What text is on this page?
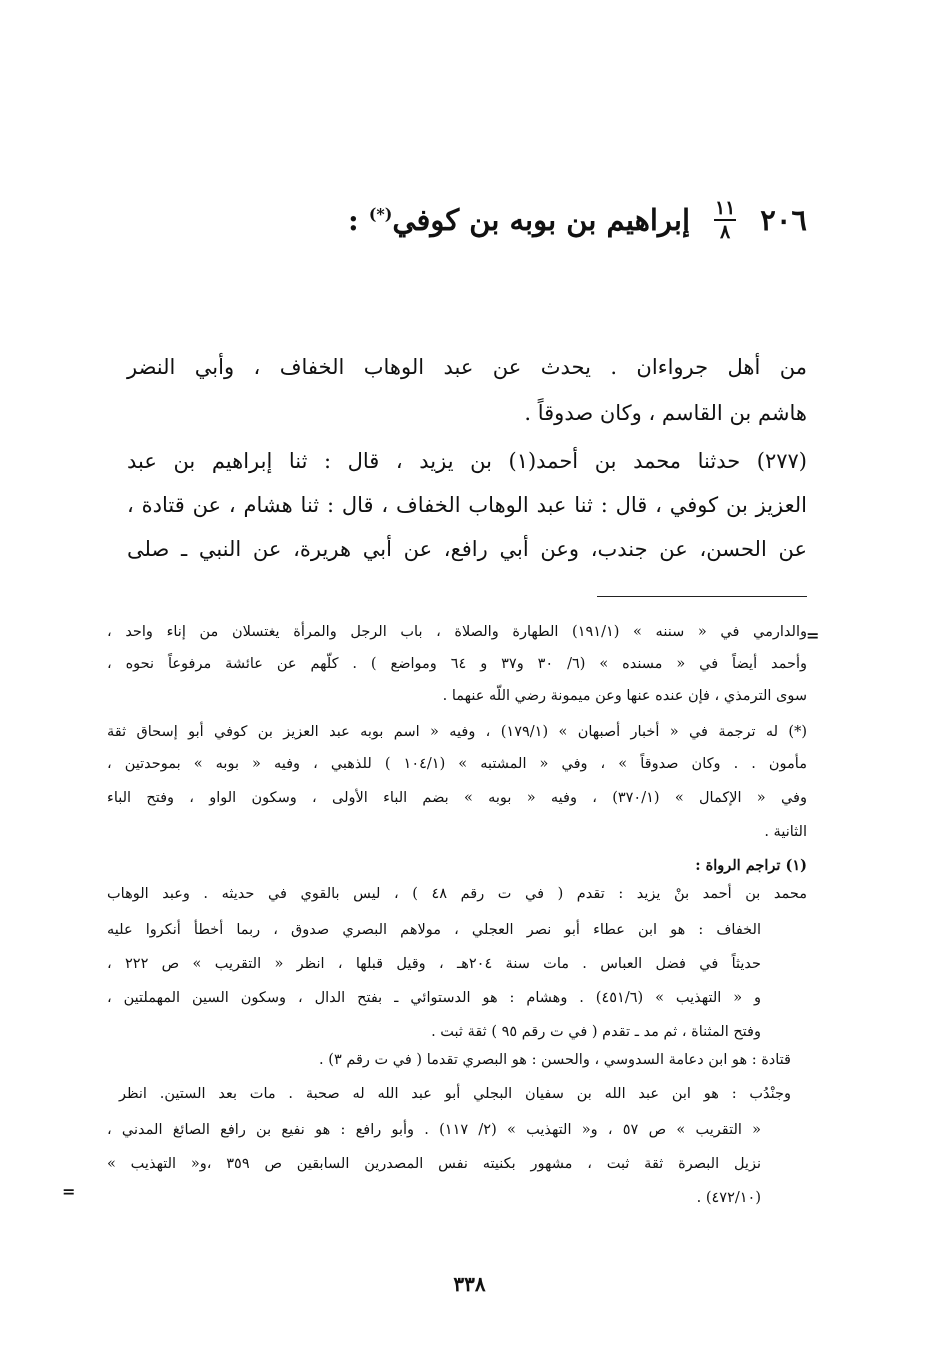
٢٠٦
$\frac{١١}{٨}$
إبراهيم بن بوبه بن كوفي(*) :
من أهل جرواءان . يحدث عن عبد الوهاب الخفاف ، وأبي النضر
هاشم بن القاسم ، وكان صدوقاً .
(٢٧٧) حدثنا محمد بن أحمد(١) بن يزيد ، قال : ثنا إبراهيم بن عبد
العزيز بن كوفي ، قال : ثنا عبد الوهاب الخفاف ، قال : ثنا هشام ، عن قتادة ،
عن الحسن، عن جندب، وعن أبي رافع، عن أبي هريرة، عن النبي ـ صلى
=
والدارمي في « سننه » (١٩١/١) الطهارة والصلاة ، باب الرجل والمرأة يغتسلان من إناء واحد ،
وأحمد أيضاً في « مسنده » (٦/ ٣٠ و٣٧ و ٦٤ ومواضع ) . كلّهم عن عائشة مرفوعاً نحوه ،
سوى الترمذي ، فإن عنده عنها وعن ميمونة رضي اللّه عنهما .
(*) له ترجمة في « أخبار أصبهان » (١٧٩/١) ، وفيه « اسم بوبه عبد العزيز بن كوفي أبو إسحاق ثقة
مأمون . . وكان صدوقاً » ، وفي « المشتبه » (١٠٤/١ ) للذهبي ، وفيه « بوبه » بموحدتين ،
وفي « الإكمال » (٣٧٠/١) ، وفيه « بوبه » بضم الباء الأولى ، وسكون الواو ، وفتح الباء
الثانية .
(١) تراجم الرواة :
محمد بن أحمد بنْ يزيد : تقدم ( في ت رقم ٤٨ ) ، ليس بالقوي في حديثه . وعبد الوهاب
الخفاف : هو ابن عطاء أبو نصر العجلي ، مولاهم البصري صدوق ، ربما أخطأ أنكروا عليه
حديثاً في فضل العباس . مات سنة ٢٠٤هـ ، وقيل قبلها ، انظر « التقريب » ص ٢٢٢ ،
و « التهذيب » (٤٥١/٦) . وهشام : هو الدستوائي ـ بفتح الدال ، وسكون السين المهملتين ،
وفتح المثناة ، ثم مد ـ تقدم ( في ت رقم ٩٥ ) ثقة ثبت .
قتادة : هو ابن دعامة السدوسي ، والحسن : هو البصري تقدما ( في ت رقم ٣) .
وجنْدُب : هو ابن عبد الله بن سفيان البجلي أبو عبد الله له صحبة . مات بعد الستين. انظر
« التقريب » ص ٥٧ ، و« التهذيب » (٢/ ١١٧) . وأبو رافع : هو نفيع بن رافع الصائغ المدني ،
نزيل البصرة ثقة ثبت ، مشهور بكنيته نفس المصدرين السابقين ص ٣٥٩ ،و« التهذيب »
(٤٧٢/١٠) .
=
٣٣٨
